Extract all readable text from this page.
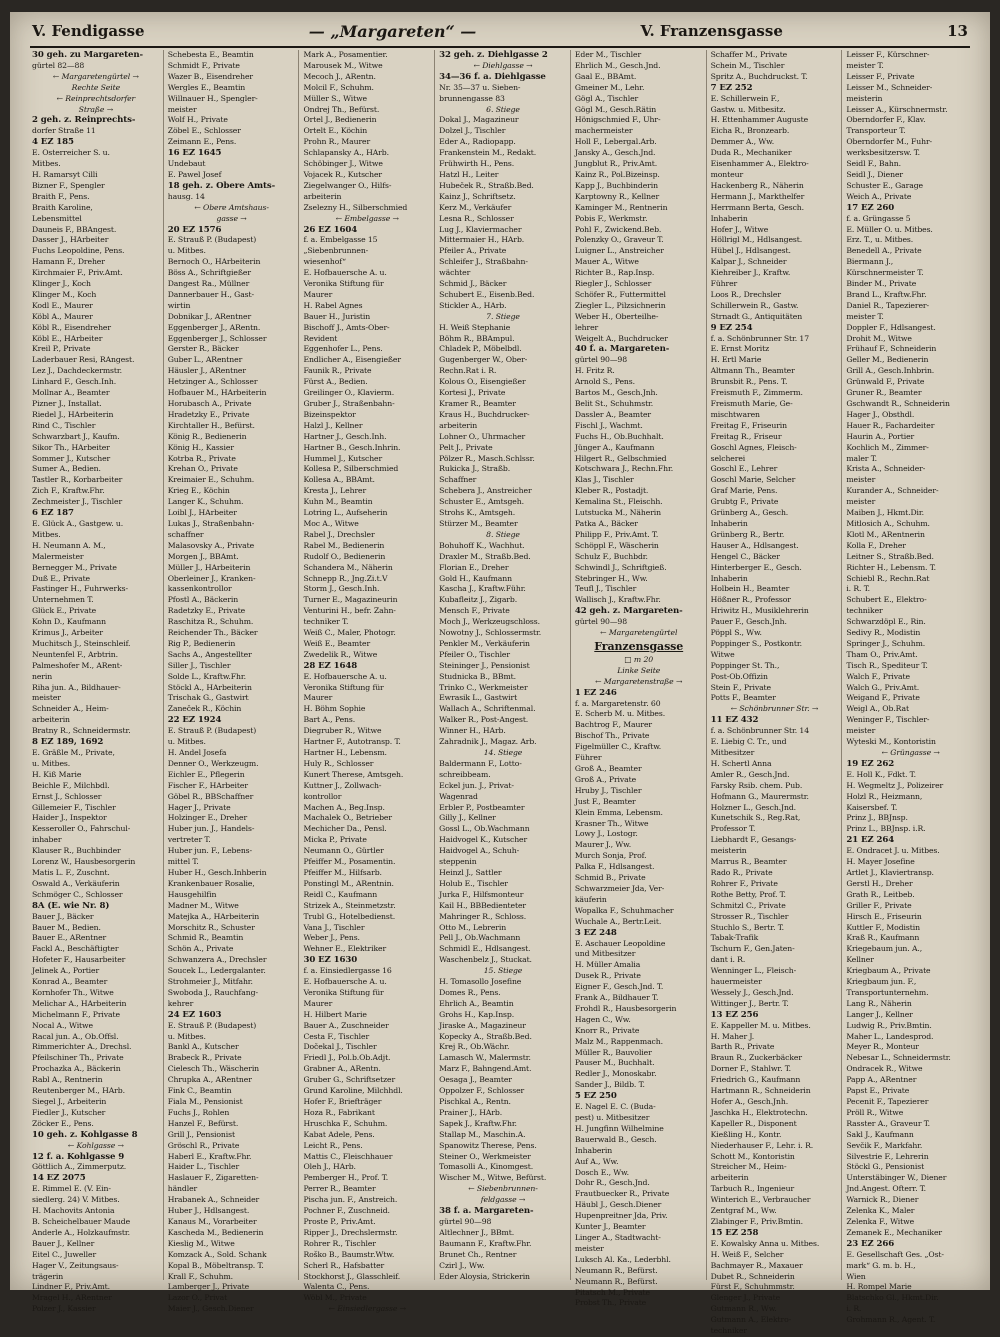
V. Fendigasse	— „Margareten“ —	V. Franzensgasse	13
30 geh. zu Margareten-
gürtel 82—88
← Margaretengürtel →
Rechte Seite
← Reinprechtsdorfer
Straße →
2 geh. z. Reinprechts-
dorfer Straße 11
4 EZ 185
E. Osterreicher S. u.
Mitbes.
H. Ramarsyt Cilli
Bizner F., Spengler
Braith F., Pens.
Braith Karoline,
Lebensmittel
Dauneis F., BBAngest.
Dasser J., HArbeiter
Fuchs Leopoldine, Pens.
Hamann F., Dreher
Kirchmaier F., Priv.Amt.
Klinger J., Koch
Klinger M., Koch
Kodl E., Maurer
Köbl A., Maurer
Köbl R., Eisendreher
Köbl E., HArbeiter
Kreil P., Private
Laderbauer Resi, RAngest.
Lez J., Dachdeckermstr.
Linhard F., Gesch.Inh.
Mollnar A., Beamter
Pizner J., Installat.
Riedel J., HArbeiterin
Rind C., Tischler
Schwarzbart J., Kaufm.
Sikor Th., HArbeiter
Sommer J., Kutscher
Sumer A., Bedien.
Tastler R., Korbarbeiter
Zich F., Kraftw.Fhr.
Zechmeister J., Tischler
6 EZ 187
E. Glück A., Gastgew. u.
Mitbes.
H. Neumann A. M.,
Malermeister
Bernegger M., Private
Duß E., Private
Fastinger H., Fuhrwerks-
Unternehmen T.
Glück E., Private
Kohn D., Kaufmann
Krimus J., Arbeiter
Muchitsch J., Steinschleif.
Neuntenfel F., Arbtrin.
Palmeshofer M., ARent-
nerin
Riha jun. A., Bildhauer-
meister
Schneider A., Heim-
arbeiterin
Bratny R., Schneidermstr.
8 EZ 189, 1692
E. Gräßle M., Private,
u. Mitbes.
H. Kiß Marie
Beichle F., Milchbdl.
Ernst J., Schlosser
Gillemeier F., Tischler
Haider J., Inspektor
Kesseroller O., Fahrschul-
inhaber
Klauser R., Buchbinder
Lorenz W., Hausbesorgerin
Matis L. F., Zuschnt.
Oswald A., Verkäuferin
Schmöger C., Schlosser
8A (E. wie Nr. 8)
Bauer J., Bäcker
Bauer M., Bedien.
Bauer E., ARentner
Fackl A., Beschäftigter
Hofeter F., Hausarbeiter
Jelinek A., Portier
Konrad A., Beamter
Kornhofer Th., Witwe
Melichar A., HArbeiterin
Michelmann F., Private
Nocal A., Witwe
Racal jun. A., Ob.Offsl.
Rimmerichter A., Drechsl.
Pfeilschiner Th., Private
Prochazka A., Bäckerin
Rabl A., Rentnerin
Reutenberger M., HArb.
Siegel J., Arbeiterin
Fiedler J., Kutscher
Zöcker E., Pens.
10 geh. z. Kohlgasse 8
← Kohlgasse →
12 f. a. Kohlgasse 9
Göttlich A., Zimmerputz.
14 EZ 2075
E. Rimmel E. (V. Ein-
siedlerg. 24) V. Mitbes.
H. Machovits Antonia
B. Scheichelbauer Maude
Anderle A., Holzkaufmstr.
Bauer J., Kellner
Eitel C., Juweller
Hager V., Zeitungsaus-
trägerin
Lindner F., Priv.Amt.
Mragel H., ARentner
Polzer J., Kassier
Schebesta E., Beamtin
Schmidt F., Private
Wazer B., Eisendreher
Wergles E., Beamtin
Willnauer H., Spengler-
meister
Wolf H., Private
Zöbel E., Schlosser
Zeimann E., Pens.
16 EZ 1645
Undebaut
E. Pawel Josef
18 geh. z. Obere Amts-
hausg. 14
← Obere Amtshaus-
gasse →
20 EZ 1576
E. Strauß P. (Budapest)
u. Mitbes.
Bernoch O., HArbeiterin
Böss A., Schriftgießer
Dangest Ra., Müllner
Dannerbauer H., Gast-
wirtin
Dobnikar J., ARentner
Eggenberger J., ARentn.
Eggenberger J., Schlosser
Gerster R., Bäcker
Guber L., ARentner
Häusler J., ARentner
Hetzinger A., Schlosser
Hofbauer M., HArbeiterin
Horubasch A., Private
Hradetzky E., Private
Kirchtaller H., Befürst.
König R., Bedienerin
König H., Kassier
Kotrba R., Private
Krehan O., Private
Kreimaier E., Schuhm.
Krieg E., Köchin
Langer K., Schuhm.
Loibl J., HArbeiter
Lukas J., Straßenbahn-
schaffner
Malasovsky A., Private
Morgen J., BBAmt.
Müller J., HArbeiterin
Oberleiner J., Kranken-
kassenkontrollor
Pfostl A., Bäckerin
Radetzky E., Private
Raschitza R., Schuhm.
Reichender Th., Bäcker
Rig P., Bedienerin
Sachs A., Angestellter
Siller J., Tischler
Solde L., Kraftw.Fhr.
Stöckl A., HArbeiterin
Trischak G., Gastwirt
Zaneček R., Köchin
22 EZ 1924
E. Strauß P. (Budapest)
u. Mitbes.
H. Andel Josefa
Denner O., Werkzeugm.
Eichler E., Pflegerin
Fischer F., HArbeiter
Göbel R., BBSchaffner
Hager J., Private
Holzinger E., Dreher
Huber jun. J., Handels-
vertreter T.
Huber jun. F., Lebens-
mittel T.
Huber H., Gesch.Inhberin
Krankenbauer Rosalie,
Hausgehilfin
Madner M., Witwe
Matejka A., HArbeiterin
Morschitz R., Schuster
Schmid R., Beamtin
Schön A., Private
Schwanzera A., Drechsler
Soucek L., Ledergalanter.
Strohmeier J., Mitfahr.
Swoboda J., Rauchfang-
kehrer
24 EZ 1603
E. Strauß P. (Budapest)
u. Mitbes.
Bankl A., Kutscher
Brabeck R., Private
Cielesch Th., Wäscherin
Chrupka A., ARentner
Fink C., Beamtin
Fiala M., Pensionist
Fuchs J., Rohlen
Hanzel F., Befürst.
Grill J., Pensionist
Gröschl R., Private
Haberl E., Kraftw.Fhr.
Haider L., Tischler
Haslauer F., Zigaretten-
händler
Hrabanek A., Schneider
Huber J., Hdlsangest.
Kanaus M., Vorarbeiter
Kascheda M., Bedienerin
Kieslig M., Witwe
Komzack A., Sold. Schank
Kopal B., Möbeltransp. T.
Krall F., Schuhm.
Lamberger J., Private
Lazor O., Privat
Maier J., Gesch.Diener
Mark A., Posamentier.
Marousek M., Witwe
Mecoch J., ARentn.
Molcil F., Schuhm.
Müller S., Witwe
Ondrej Th., Befürst.
Ortel J., Bedienerin
Ortelt E., Köchin
Prohn R., Maurer
Schlapansky A., HArb.
Schöbinger J., Witwe
Vojacek R., Kutscher
Ziegelwanger O., Hilfs-
arbeiterin
Zselezny H., Silberschmied
← Embelgasse →
26 EZ 1604
f. a. Embelgasse 15
„Siebenbrunnen-
wiesenhof“
E. Hofbauersche A. u.
Veronika Stiftung für
Maurer
H. Rabel Agnes
Bauer H., Juristin
Bischoff J., Amts-Ober-
Revident
Eggenhofer L., Pens.
Endlicher A., Eisengießer
Faunik R., Private
Fürst A., Bedien.
Greilinger O., Klavierm.
Gruber J., Straßenbahn-
Bizeinspektor
Halzl J., Kellner
Hartner J., Gesch.Inh.
Hartner B., Gesch.Inhrin.
Hummel J., Kutscher
Kollesa P., Silberschmied
Kollesa A., BBAmt.
Kresta J., Lehrer
Kuhn M., Beamtin
Lotring L., Aufseherin
Moc A., Witwe
Rabel J., Drechsler
Rabel M., Bedienerin
Rudolf O., Bedienerin
Schandera M., Näherin
Schnepp R., Jng.Zi.t.V
Storm J., Gesch.Inh.
Turner E., Magazineurin
Venturini H., befr. Zahn-
techniker T.
Weiß C., Maler, Photogr.
Weiß E., Beamter
Zwedelik R., Witwe
28 EZ 1648
E. Hofbauersche A. u.
Veronika Stiftung für
Maurer
H. Böhm Sophie
Bart A., Pens.
Diegruber R., Witwe
Hartner F., Autotransp. T.
Hartner H., Lebensm.
Huly R., Schlosser
Kunert Therese, Amtsgeh.
Kuttner J., Zollwach-
kontrollor
Machen A., Beg.Insp.
Machalek O., Betrieber
Mechicher Da., Pensl.
Micka P., Private
Neumann O., Gürtler
Pfeiffer M., Posamentin.
Pfeiffer M., Hilfsarb.
Ponstingl M., ARentnin.
Reidl C., Kaufmann
Strizek A., Steinmetzstr.
Trubl G., Hotelbedienst.
Vana J., Tischler
Weber J., Pens.
Wehner E., Elektriker
30 EZ 1630
f. a. Einsiedlergasse 16
E. Hofbauersche A. u.
Veronika Stiftung für
Maurer
H. Hilbert Marie
Bauer A., Zuschneider
Cesta F., Tischler
Dočekal J., Tischler
Friedl J., Pol.b.Ob.Adjt.
Grabner A., ARentn.
Gruber G., Schriftsetzer
Grund Karoline, Milchhdl.
Hofer F., Briefträger
Hoza R., Fabrikant
Hruschka F., Schuhm.
Kabat Adele, Pens.
Leicht R., Pens.
Mattis C., Fleischhauer
Oleh J., HArb.
Pemberger H., Prof. T.
Perrer R., Beamter
Pischa jun. F., Anstreich.
Pochner F., Zuschneid.
Proste P., Priv.Amt.
Ripper J., Drechslermstr.
Rohrer R., Tischler
Roško B., Baumstr.Wtw.
Scherl R., Hafsbatter
Stockhorst J., Glasschleif.
Walenta C., Pens.
Wöbl M., Private
← Einsiedlergasse →
32 geh. z. Diehlgasse 2
← Diehlgasse →
34—36 f. a. Diehlgasse
Nr. 35—37 u. Sieben-
brunnengasse 83
6. Stiege
Dokal J., Magazineur
Dolzel J., Tischler
Eder A., Radiopapp.
Frankenstein M., Redakt.
Frühwirth H., Pens.
Hatzl H., Leiter
Hubeček R., Straßb.Bed.
Kainz J., Schriftsetz.
Kerz M., Verkäufer
Lesna R., Schlosser
Lug J., Klaviermacher
Mittermaier H., HArb.
Pfeiler A., Private
Schleifer J., Straßbahn-
wächter
Schmid J., Bäcker
Schubert E., Eisenb.Bed.
Stickler A., HArb.
7. Stiege
H. Weiß Stephanie
Böhm R., BBAmpul.
Chladek P., Möbelbdl.
Gugenberger W., Ober-
Rechn.Rat i. R.
Kolous O., Eisengießer
Kortesi J., Private
Kramer R., Beamter
Kraus H., Buchdrucker-
arbeiterin
Lohner O., Uhrmacher
Pelt J., Private
Pölzer R., Masch.Schlssr.
Rukicka J., Straßb.
Schaffner
Schebera J., Anstreicher
Schuster E., Amtsgeh.
Strohs K., Amtsgeh.
Stürzer M., Beamter
8. Stiege
Bohuhoff K., Wachhut.
Draxler M., Straßb.Bed.
Florian E., Dreher
Gold H., Kaufmann
Kascha J., Kraftw.Führ.
Kubafleitz J., Zigarb.
Mensch F., Private
Moch J., Werkzeugschloss.
Nowotny J., Schlossermstr.
Penkler M., Verkäuferin
Pfeiler O., Tischler
Steininger J., Pensionist
Studnicka B., BBmt.
Trinko C., Werkmeister
Ewrasik L., Gastwirt
Wallach A., Schriftenmal.
Walker R., Post-Angest.
Winner H., HArb.
Zahradnik J., Magaz. Arb.
14. Stiege
Baldermann F., Lotto-
schreibbeam.
Eckel jun. J., Privat-
Wagenrad
Erbler P., Postbeamter
Gilly J., Kellner
Gossl L., Ob.Wachmann
Haidvogel K., Kutscher
Haidvogel A., Schuh-
steppenin
Heinzl J., Sattler
Holub E., Tischler
Jurka F., Hilfsmonteur
Kail H., BBBedienteter
Mahringer R., Schloss.
Otto M., Lebrerin
Pell J., Ob.Wachmann
Schmidl E., Hdlsangest.
Waschenbelz J., Stuckat.
15. Stiege
H. Tomasollo Josefine
Domes R., Pens.
Ehrlich A., Beamtin
Grohs H., Kap.Insp.
Jiraske A., Magazineur
Kopecky A., Straßb.Bed.
Krej R., Ob.Wächr.
Lamasch W., Malermstr.
Marz F., Bahngend.Amt.
Oesaga J., Beamter
Oppolzer F., Schlosser
Pischkal A., Rentn.
Prainer J., HArb.
Sapek J., Kraftw.Fhr.
Stallap M., Maschin.A.
Spanowitz Therese, Pens.
Steiner O., Werkmeister
Tomasolli A., Kinomgest.
Wischer M., Witwe, Befürst.
← Siebenbrunnen-
feldgasse →
38 f. a. Margareten-
gürtel 90—98
Altlechner J., BBmt.
Baumann F., Kraftw.Fhr.
Brunet Ch., Rentner
Czirl J., Ww.
Eder Aloysia, Strickerin
Eder M., Tischler
Ehrlich M., Gesch.Jnd.
Gaal E., BBAmt.
Gmeiner M., Lehr.
Gögl A., Tischler
Gögl M., Gesch.Rätin
Hönigschmied F., Uhr-
machermeister
Holl F., Lebergal.Arb.
Jansky A., Gesch.Jnd.
Jungblut R., Priv.Amt.
Kainz R., Pol.Bizeinsp.
Kapp J., Buchbinderin
Karptowny R., Kellner
Kaminger M., Rentnerin
Pobis F., Werkmstr.
Pohl F., Zwickend.Beb.
Polenzky O., Graveur T.
Luigner L., Anstreicher
Mauer A., Witwe
Richter B., Rap.Insp.
Riegler J., Schlosser
Schöfer R., Futtermittel
Ziegler L., Pilzsichnerin
Weber H., Oberteilhe-
lehrer
Weigelt A., Buchdrucker
40 f. a. Margareten-
gürtel 90—98
H. Fritz R.
Arnold S., Pens.
Bartos M., Gesch.Jnh.
Belit St., Schuhmstr.
Dassler A., Beamter
Fischl J., Wachmt.
Fuchs H., Ob.Buchhalt.
Jünger A., Kaufmann
Hilgert R., Gelbschmied
Kotschwara J., Rechn.Fhr.
Klas J., Tischler
Kleber R., Postadjt.
Kemalina St., Fleischh.
Lutstucka M., Näherin
Patka A., Bäcker
Philipp F., Priv.Amt. T.
Schöppl F., Wäscherin
Schulz F., Buchbdr.
Schwindl J., Schriftgieß.
Stebringer H., Ww.
Teufl J., Tischler
Wallisch J., Kraftw.Fhr.
42 geh. z. Margareten-
gürtel 90—98
← Margaretengürtel
Franzensgasse
□ m 20
Linke Seite
← Margaretenstraße →
1 EZ 246
f. a. Margaretenstr. 60
E. Scherb M. u. Mitbes.
Bachtrog F., Maurer
Bischof Th., Private
Figelmüller C., Kraftw.
Führer
Groß A., Beamter
Groß A., Private
Hruby J., Tischler
Just F., Beamter
Klein Emma, Lebensm.
Krasner Th., Witwe
Lowy J., Lostogr.
Maurer J., Ww.
Murch Sonja, Prof.
Palka F., Hdlsangest.
Schmid B., Private
Schwarzmeier Jda, Ver-
käuferin
Wopalka F., Schuhmacher
Wuchale A., Bertr.Leit.
3 EZ 248
E. Aschauer Leopoldine
und Mitbesitzer
H. Müller Amalia
Dusek R., Private
Eigner F., Gesch.Jnd. T.
Frank A., Bildhauer T.
Frohdl R., Hausbesorgerin
Hagen C., Ww.
Knorr R., Private
Malz M., Rappenmach.
Müller R., Bauvolier
Pauser M., Buchhalt.
Redler J., Monoskabr.
Sander J., Bildb. T.
5 EZ 250
E. Nagel E. C. (Buda-
pest) u. Mitbesitzer
H. Jungfinn Wilhelmine
Bauerwald B., Gesch.
Inhaberin
Auf A., Ww.
Dosch E., Ww.
Dohr R., Gesch.Jnd.
Frautbuecker R., Private
Häubl J., Gesch.Diener
Hupenpreitner Jda, Priv.
Kunter J., Beamter
Linger A., Stadtwacht-
meister
Luksch Al. Ka., Lederbhl.
Neumann R., Befürst.
Neumann R., Befürst.
Pitatsch M., Private
Probst Th., Private
Schaffer M., Private
Schein M., Tischler
Spritz A., Buchdruckst. T.
7 EZ 252
E. Schillerwein F.,
Gastw. u. Mitbesitz.
H. Ettenhammer Auguste
Eicha R., Bronzearb.
Demmer A., Ww.
Duda R., Mechaniker
Eisenhammer A., Elektro-
monteur
Hackenberg R., Näherin
Hermann J., Markthelfer
Herrmann Berta, Gesch.
Inhaberin
Hofer J., Witwe
Höllrigl M., Hdlsangest.
Hübel J., Hdlsangest.
Kalpar J., Schneider
Kiehreiber J., Kraftw.
Führer
Loos R., Drechsler
Schillerwein R., Gastw.
Strnadt G., Antiquitäten
9 EZ 254
f. a. Schönbrunner Str. 17
E. Ernst Moritz
H. Ertl Marie
Altmann Th., Beamter
Brunsbit R., Pens. T.
Freismuth F., Zimmerm.
Freismuth Marie, Ge-
mischtwaren
Freitag F., Friseurin
Freitag R., Friseur
Goschl Agnes, Fleisch-
selcherei
Goschl E., Lehrer
Goschl Marie, Selcher
Graf Marie, Pens.
Grubtg F., Private
Grünberg A., Gesch.
Inhaberin
Grünberg R., Bertr.
Hauser A., Hdlsangest.
Hengel C., Bäcker
Hinterberger E., Gesch.
Inhaberin
Holbein H., Beamter
Hößner R., Professor
Hriwitz H., Musiklehrerin
Pauer F., Gesch.Jnh.
Pöppl S., Ww.
Poppinger S., Postkontr.
Witwe
Poppinger St. Th.,
Post-Ob.Offizin
Stein F., Private
Potts F., Beamter
← Schönbrunner Str. →
11 EZ 432
f. a. Schönbrunner Str. 14
E. Liebig C. Tr., und
Mitbesitzer
H. Schertl Anna
Amler R., Gesch.Jnd.
Farsky Rsib. chem. Pub.
Hofmann G., Maurermstr.
Holzner L., Gesch.Jnd.
Kunetschik S., Reg.Rat,
Professor T.
Liebhardt F., Gesangs-
meisterin
Marrus R., Beamter
Rado R., Private
Rohrer F., Private
Rothe Betty, Prof. T.
Schmitzl C., Private
Strosser R., Tischler
Stuchlo S., Bertr. T.
Tabak-Trafik
Tschurn F., Gen.Jaten-
dant i. R.
Wenninger L., Fleisch-
hauermeister
Wessely J., Gesch.Jnd.
Wittinger J., Bertr. T.
13 EZ 256
E. Kappeller M. u. Mitbes.
H. Maher J.
Barth R., Private
Braun R., Zuckerbäcker
Dorner F., Stahlwr. T.
Friedrich G., Kaufmann
Hartmann R., Schneiderin
Hofer A., Gesch.Jnh.
Jaschka H., Elektrotechn.
Kapeller R., Disponent
Kießling H., Kontr.
Niederhauser F., Lehr. i. R.
Schott M., Kontoristin
Streicher M., Heim-
arbeiterin
Tarbuch R., Ingenieur
Winterich E., Verbraucher
Zentgraf M., Ww.
Zlabinger F., Priv.Bmtin.
15 EZ 258
E. Kowalsky Anna u. Mitbes.
H. Weiß F., Selcher
Bachmayer R., Maxauer
Dubet R., Schneiderin
Fürst F., Schuhmmstr.
Glenger J., Private
Gutmann R., Ww.
Gutmann A., Elektro-
techniker
Leisser F., Kürschner-
meister T.
Leisser F., Private
Leisser M., Schneider-
meisterin
Leisser A., Kürschnermstr.
Oberndorfer F., Klav.
Transporteur T.
Oberndorfer M., Fuhr-
werksbesitzersw. T.
Seidl F., Bahn.
Seidl J., Diener
Schuster E., Garage
Weich A., Private
17 EZ 260
f. a. Grüngasse 5
E. Müller O. u. Mitbes.
Erz. T., u. Mitbes.
Benedell A., Private
Biermann J.,
Kürschnermeister T.
Binder M., Private
Brand L., Kraftw.Fhr.
Daniel R., Tapezierer-
meister T.
Doppler F., Hdlsangest.
Drohit M., Witwe
Frühauf F., Schneiderin
Geller M., Bedienerin
Grill A., Gesch.Inhbrin.
Grünwald F., Private
Gruner R., Beamter
Gschwandt R., Schneiderin
Hager J., Obsthdl.
Hauer R., Fachardeiter
Haurin A., Portier
Kochlich M., Zimmer-
maler T.
Krista A., Schneider-
meister
Kurander A., Schneider-
meister
Maiben J., Hkmt.Dir.
Mitlosich A., Schuhm.
Klotl M., ARentnerin
Kolla F., Dreher
Leitner S., Straßb.Bed.
Richter H., Lebensm. T.
Schiebl R., Rechn.Rat
i. R. T.
Schubert E., Elektro-
techniker
Schwarzdöpl E., Rin.
Sedivy R., Modistin
Springer J., Schuhm.
Tham O., Priv.Amt.
Tisch R., Spediteur T.
Walch F., Private
Walch G., Priv.Amt.
Weigand F., Private
Weigl A., Ob.Rat
Weninger F., Tischler-
meister
Wyteski M., Kontoristin
← Grüngasse →
19 EZ 262
E. Holl K., Fdkt. T.
H. Wegmeltz J., Polizeirer
Holzl R., Heizmann,
Kaisersbef. T.
Prinz J., BBJnsp.
Prinz L., BBJnsp. i.R.
21 EZ 264
E. Ondracet J. u. Mitbes.
H. Mayer Josefine
Artlet J., Klaviertransp.
Gerstl H., Dreher
Grath R., Leitbeb.
Griller F., Private
Hirsch E., Friseurin
Kuttler F., Modistin
Kraß R., Kaufmann
Kriegebaum jun. A.,
Kellner
Kriegbaum A., Private
Kriegbaum jun. F.,
Transportunternehm.
Lang R., Näherin
Langer J., Kellner
Ludwig R., Priv.Bmtin.
Maher L., Landesprod.
Meyer R., Monteur
Nebesar L., Schneidermstr.
Ondracek R., Witwe
Papp A., ARentner
Papst E., Private
Pecenit F., Tapezierer
Pröll R., Witwe
Rasster A., Graveur T.
Sakl J., Kaufmann
Sevčik F., Markfahr.
Silvestrie F., Lehrerin
Stöckl G., Pensionist
Unterstäbinger W., Diener
Jnd.Angest. Ofterr. T.
Warnick R., Diener
Zelenka K., Maler
Zelenka F., Witwe
Zemanek E., Mechaniker
23 EZ 266
E. Gesellschaft Ges. „Ost-
mark“ G. m. b. H.,
Wien
H. Rompel Marie
Blatschko Gl., Hkmt.Dir.
i. R.
Grohmann R., Agent. T.
